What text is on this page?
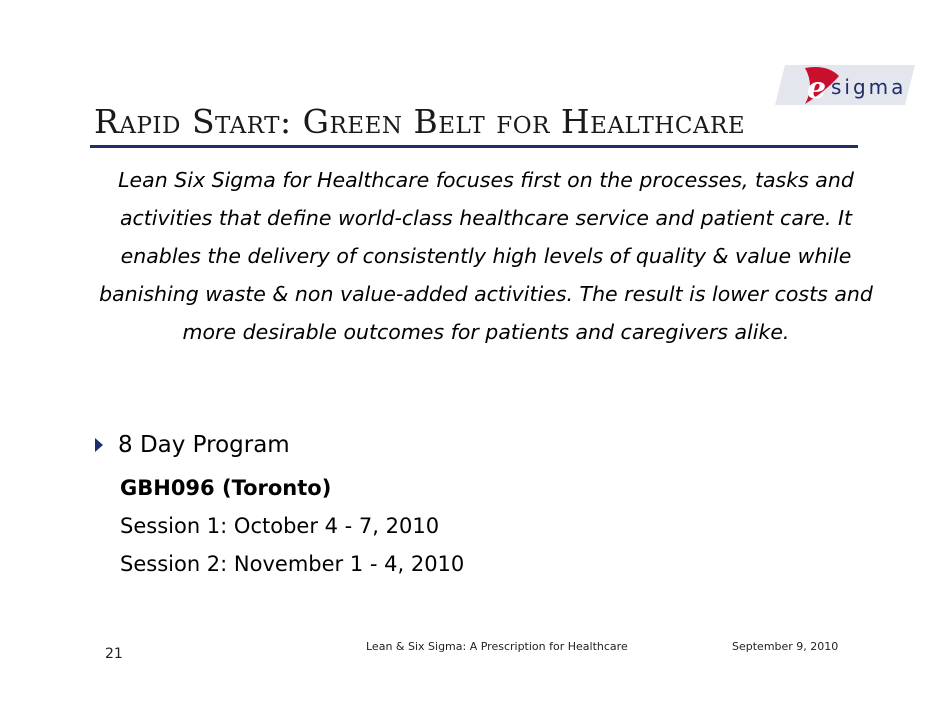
e sigma
Rapid Start: Green Belt for Healthcare

Lean Six Sigma for Healthcare focuses first on the processes, tasks and activities that define world-class healthcare service and patient care. It enables the delivery of consistently high levels of quality & value while banishing waste & non value-added activities. The result is lower costs and more desirable outcomes for patients and caregivers alike.

8 Day Program
GBH096 (Toronto)
Session 1: October 4 - 7, 2010
Session 2: November 1 - 4, 2010
21	Lean & Six Sigma: A Prescription for Healthcare	September 9, 2010
